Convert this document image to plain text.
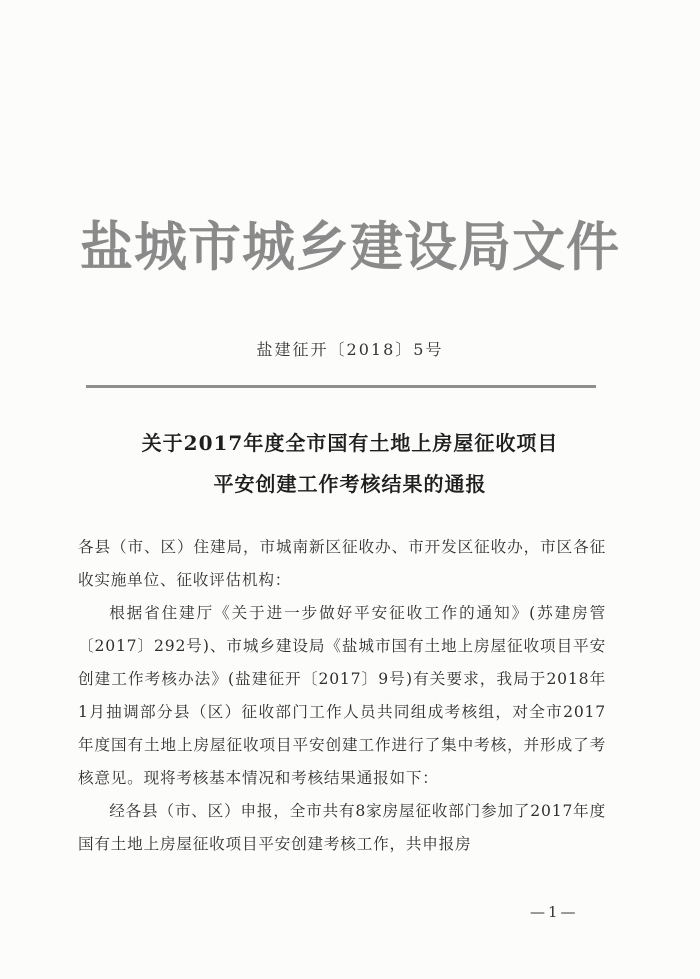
盐城市城乡建设局文件
盐建征开〔2018〕5号
关于2017年度全市国有土地上房屋征收项目
平安创建工作考核结果的通报

各县（市、区）住建局，市城南新区征收办、市开发区征收办，市区各征收实施单位、征收评估机构：

根据省住建厅《关于进一步做好平安征收工作的通知》(苏建房管〔2017〕292号)、市城乡建设局《盐城市国有土地上房屋征收项目平安创建工作考核办法》(盐建征开〔2017〕9号)有关要求，我局于2018年1月抽调部分县（区）征收部门工作人员共同组成考核组，对全市2017年度国有土地上房屋征收项目平安创建工作进行了集中考核，并形成了考核意见。现将考核基本情况和考核结果通报如下：

经各县（市、区）申报，全市共有8家房屋征收部门参加了2017年度国有土地上房屋征收项目平安创建考核工作，共申报房

—1—
